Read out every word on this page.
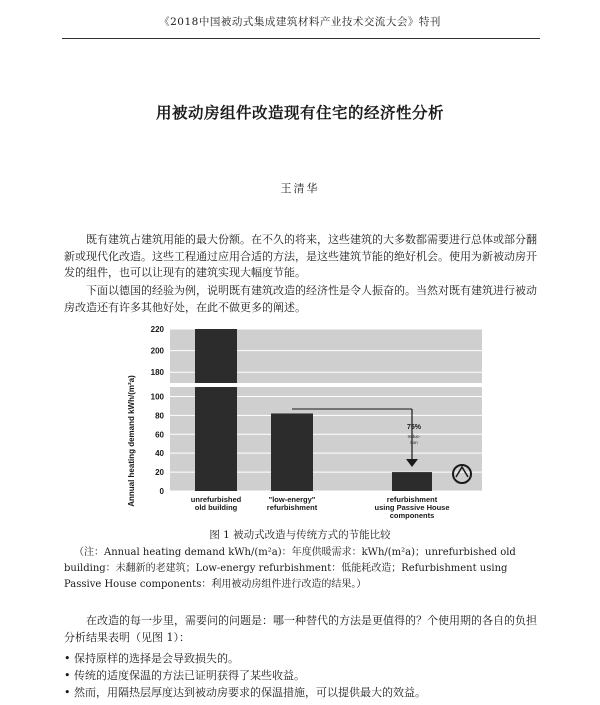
《2018中国被动式集成建筑材料产业技术交流大会》特刊
用被动房组件改造现有住宅的经济性分析
王清华

既有建筑占建筑用能的最大份额。在不久的将来，这些建筑的大多数都需要进行总体或部分翻新或现代化改造。这些工程通过应用合适的方法，是这些建筑节能的绝好机会。使用为新被动房开发的组件，也可以让现有的建筑实现大幅度节能。

下面以德国的经验为例，说明既有建筑改造的经济性是令人振奋的。当然对既有建筑进行被动房改造还有许多其他好处，在此不做更多的阐述。

220
200
180
100
80
60
40
20
0
unrefurbished
old building
"low-energy"
refurbishment
refurbishment
using Passive House
components
Annual heating demand kWh/(m²a)	75%
reduc-
tion
图 1 被动式改造与传统方式的节能比较

（注：Annual heating demand kWh/(m²a)：年度供暖需求：kWh/(m²a)；unrefurbished old building：未翻新的老建筑；Low-energy refurbishment：低能耗改造；Refurbishment using Passive House components：利用被动房组件进行改造的结果。）

在改造的每一步里，需要问的问题是：哪一种替代的方法是更值得的？个使用期的各自的负担分析结果表明（见图 1）：

• 保持原样的选择是会导致损失的。
• 传统的适度保温的方法已证明获得了某些收益。
• 然而，用隔热层厚度达到被动房要求的保温措施，可以提供最大的效益。
